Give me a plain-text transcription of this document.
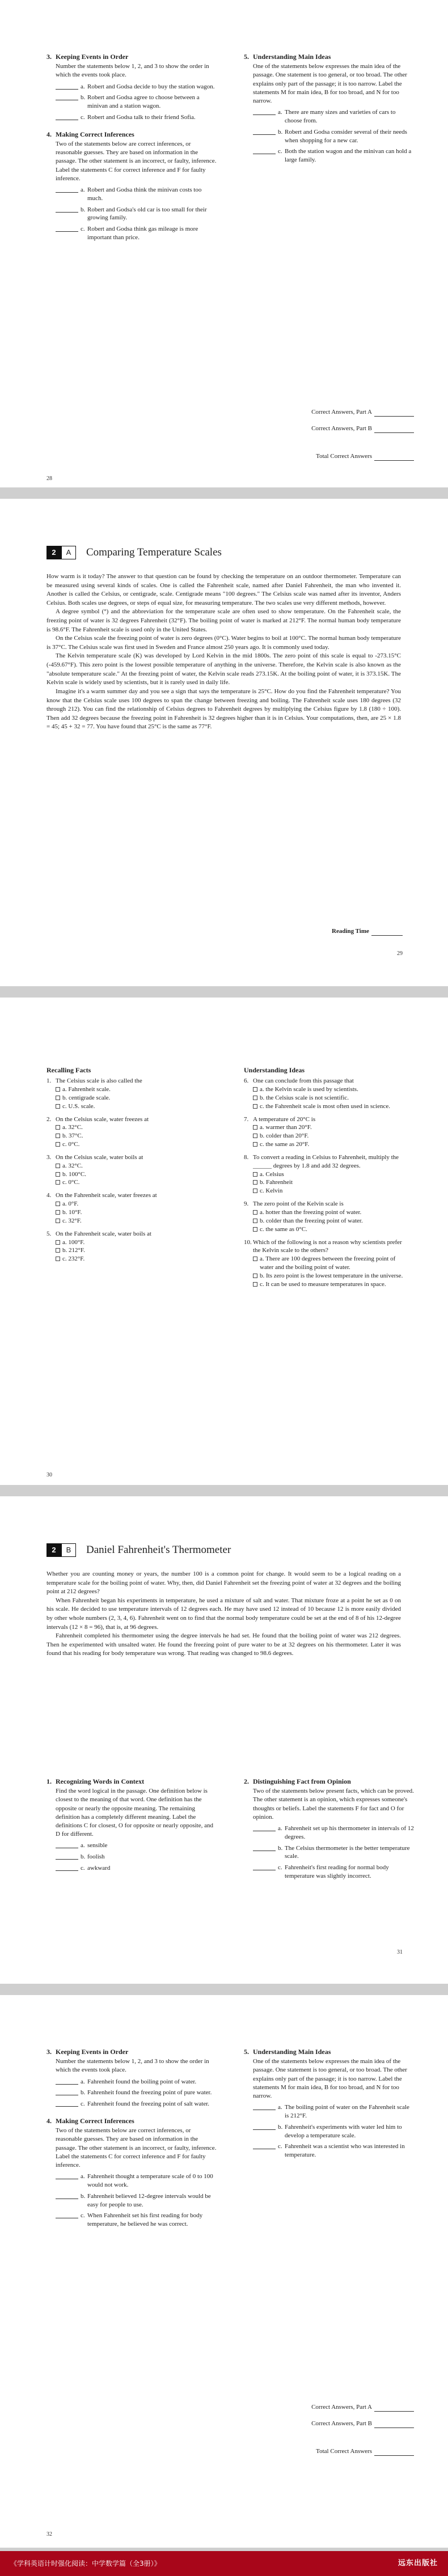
3. Keeping Events in Order
Number the statements below 1, 2, and 3 to show the order in which the events took place.
a. Robert and Godsa decide to buy the station wagon.
b. Robert and Godsa agree to choose between a minivan and a station wagon.
c. Robert and Godsa talk to their friend Sofia.
4. Making Correct Inferences
Two of the statements below are correct inferences, or reasonable guesses. They are based on information in the passage. The other statement is an incorrect, or faulty, inference. Label the statements C for correct inference and F for faulty inference.
a. Robert and Godsa think the minivan costs too much.
b. Robert and Godsa's old car is too small for their growing family.
c. Robert and Godsa think gas mileage is more important than price.
5. Understanding Main Ideas
One of the statements below expresses the main idea of the passage. One statement is too general, or too broad. The other explains only part of the passage; it is too narrow. Label the statements M for main idea, B for too broad, and N for too narrow.
a. There are many sizes and varieties of cars to choose from.
b. Robert and Godsa consider several of their needs when shopping for a new car.
c. Both the station wagon and the minivan can hold a large family.
Correct Answers, Part A
Correct Answers, Part B
Total Correct Answers
28
2	A	Comparing Temperature Scales

How warm is it today? The answer to that question can be found by checking the temperature on an outdoor thermometer. Temperature can be measured using several kinds of scales. One is called the Fahrenheit scale, named after Daniel Fahrenheit, the man who invented it. Another is called the Celsius, or centigrade, scale. Centigrade means "100 degrees." The Celsius scale was named after its inventor, Anders Celsius. Both scales use degrees, or steps of equal size, for measuring temperature. The two scales use very different methods, however.

A degree symbol (°) and the abbreviation for the temperature scale are often used to show temperature. On the Fahrenheit scale, the freezing point of water is 32 degrees Fahrenheit (32°F). The boiling point of water is marked at 212°F. The normal human body temperature is 98.6°F. The Fahrenheit scale is used only in the United States.

On the Celsius scale the freezing point of water is zero degrees (0°C). Water begins to boil at 100°C. The normal human body temperature is 37°C. The Celsius scale was first used in Sweden and France almost 250 years ago. It is commonly used today.

The Kelvin temperature scale (K) was developed by Lord Kelvin in the mid 1800s. The zero point of this scale is equal to -273.15°C (-459.67°F). This zero point is the lowest possible temperature of anything in the universe. Therefore, the Kelvin scale is also known as the "absolute temperature scale." At the freezing point of water, the Kelvin scale reads 273.15K. At the boiling point of water, it is 373.15K. The Kelvin scale is widely used by scientists, but it is rarely used in daily life.

Imagine it's a warm summer day and you see a sign that says the temperature is 25°C. How do you find the Fahrenheit temperature? You know that the Celsius scale uses 100 degrees to span the change between freezing and boiling. The Fahrenheit scale uses 180 degrees (32 through 212). You can find the relationship of Celsius degrees to Fahrenheit degrees by multiplying the Celsius figure by 1.8 (180 ÷ 100). Then add 32 degrees because the freezing point in Fahrenheit is 32 degrees higher than it is in Celsius. Your computations, then, are 25 × 1.8 = 45; 45 + 32 = 77. You have found that 25°C is the same as 77°F.

Reading Time
29
Recalling Facts
1. The Celsius scale is also called the
a. Fahrenheit scale.
b. centigrade scale.
c. U.S. scale.
2. On the Celsius scale, water freezes at
a. 32°C.
b. 37°C.
c. 0°C.
3. On the Celsius scale, water boils at
a. 32°C.
b. 100°C.
c. 0°C.
4. On the Fahrenheit scale, water freezes at
a. 0°F.
b. 10°F.
c. 32°F.
5. On the Fahrenheit scale, water boils at
a. 100°F.
b. 212°F.
c. 232°F.
Understanding Ideas
6. One can conclude from this passage that
a. the Kelvin scale is used by scientists.
b. the Celsius scale is not scientific.
c. the Fahrenheit scale is most often used in science.
7. A temperature of 20°C is
a. warmer than 20°F.
b. colder than 20°F.
c. the same as 20°F.
8. To convert a reading in Celsius to Fahrenheit, multiply the ______ degrees by 1.8 and add 32 degrees.
a. Celsius
b. Fahrenheit
c. Kelvin
9. The zero point of the Kelvin scale is
a. hotter than the freezing point of water.
b. colder than the freezing point of water.
c. the same as 0°C.
10. Which of the following is not a reason why scientists prefer the Kelvin scale to the others?
a. There are 100 degrees between the freezing point of water and the boiling point of water.
b. Its zero point is the lowest temperature in the universe.
c. It can be used to measure temperatures in space.
30
2	B	Daniel Fahrenheit's Thermometer

Whether you are counting money or years, the number 100 is a common point for change. It would seem to be a logical reading on a temperature scale for the boiling point of water. Why, then, did Daniel Fahrenheit set the freezing point of water at 32 degrees and the boiling point at 212 degrees?

When Fahrenheit began his experiments in temperature, he used a mixture of salt and water. That mixture froze at a point he set as 0 on his scale. He decided to use temperature intervals of 12 degrees each. He may have used 12 instead of 10 because 12 is more easily divided by other whole numbers (2, 3, 4, 6). Fahrenheit went on to find that the normal body temperature could be set at the end of 8 of his 12-degree intervals (12 × 8 = 96), that is, at 96 degrees.

Fahrenheit completed his thermometer using the degree intervals he had set. He found that the boiling point of water was 212 degrees. Then he experimented with unsalted water. He found the freezing point of pure water to be at 32 degrees on his thermometer. Later it was found that his reading for body temperature was wrong. That reading was changed to 98.6 degrees.

1. Recognizing Words in Context
Find the word logical in the passage. One definition below is closest to the meaning of that word. One definition has the opposite or nearly the opposite meaning. The remaining definition has a completely different meaning. Label the definitions C for closest, O for opposite or nearly opposite, and D for different.
a. sensible
b. foolish
c. awkward
2. Distinguishing Fact from Opinion
Two of the statements below present facts, which can be proved. The other statement is an opinion, which expresses someone's thoughts or beliefs. Label the statements F for fact and O for opinion.
a. Fahrenheit set up his thermometer in intervals of 12 degrees.
b. The Celsius thermometer is the better temperature scale.
c. Fahrenheit's first reading for normal body temperature was slightly incorrect.
31
3. Keeping Events in Order
Number the statements below 1, 2, and 3 to show the order in which the events took place.
a. Fahrenheit found the boiling point of water.
b. Fahrenheit found the freezing point of pure water.
c. Fahrenheit found the freezing point of salt water.
4. Making Correct Inferences
Two of the statements below are correct inferences, or reasonable guesses. They are based on information in the passage. The other statement is an incorrect, or faulty, inference. Label the statements C for correct inference and F for faulty inference.
a. Fahrenheit thought a temperature scale of 0 to 100 would not work.
b. Fahrenheit believed 12-degree intervals would be easy for people to use.
c. When Fahrenheit set his first reading for body temperature, he believed he was correct.
5. Understanding Main Ideas
One of the statements below expresses the main idea of the passage. One statement is too general, or too broad. The other explains only part of the passage; it is too narrow. Label the statements M for main idea, B for too broad, and N for too narrow.
a. The boiling point of water on the Fahrenheit scale is 212°F.
b. Fahrenheit's experiments with water led him to develop a temperature scale.
c. Fahrenheit was a scientist who was interested in temperature.
Correct Answers, Part A
Correct Answers, Part B
Total Correct Answers
32
《学科英语计时强化阅读：中学数学篇（全3册）》	远东出版社
